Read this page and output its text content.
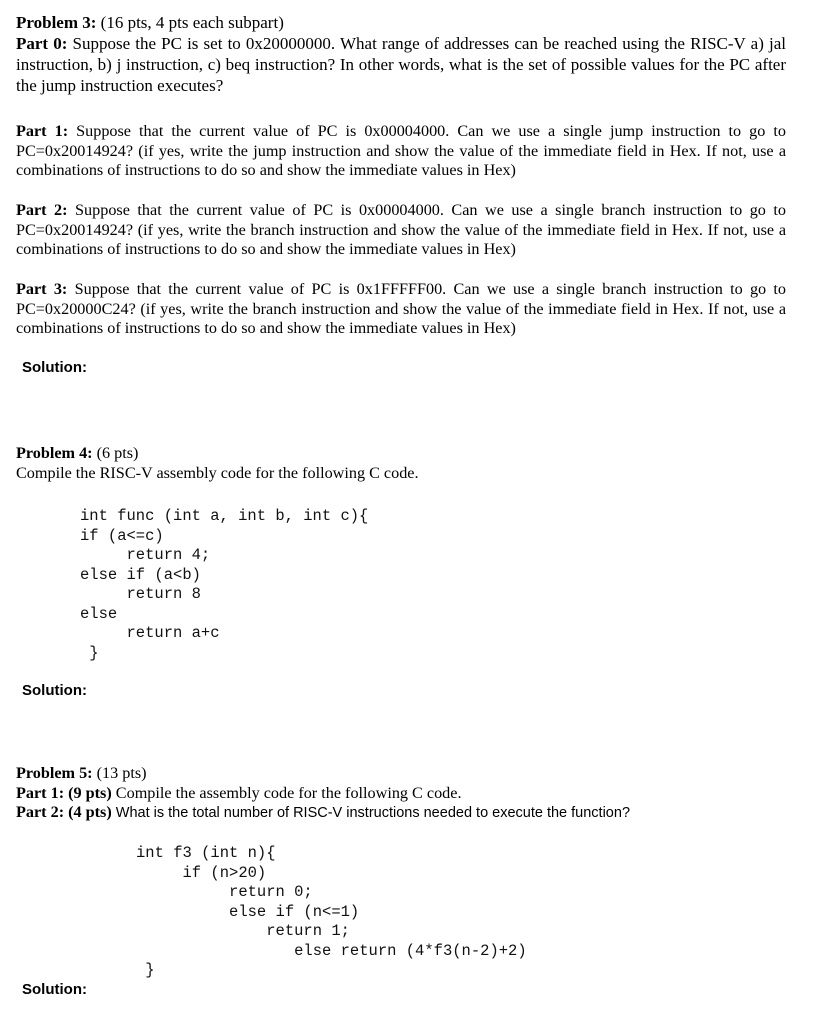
Problem 3: (16 pts, 4 pts each subpart)
Part 0: Suppose the PC is set to 0x20000000. What range of addresses can be reached using the RISC-V a) jal instruction, b) j instruction, c) beq instruction? In other words, what is the set of possible values for the PC after the jump instruction executes?
Part 1: Suppose that the current value of PC is 0x00004000. Can we use a single jump instruction to go to PC=0x20014924? (if yes, write the jump instruction and show the value of the immediate field in Hex. If not, use a combinations of instructions to do so and show the immediate values in Hex)
Part 2: Suppose that the current value of PC is 0x00004000. Can we use a single branch instruction to go to PC=0x20014924? (if yes, write the branch instruction and show the value of the immediate field in Hex. If not, use a combinations of instructions to do so and show the immediate values in Hex)
Part 3: Suppose that the current value of PC is 0x1FFFFF00. Can we use a single branch instruction to go to PC=0x20000C24? (if yes, write the branch instruction and show the value of the immediate field in Hex. If not, use a combinations of instructions to do so and show the immediate values in Hex)
Solution:
Problem 4: (6 pts)
Compile the RISC-V assembly code for the following C code.
int func (int a, int b, int c){
if (a<=c)
return 4;
else if (a<b)
return 8
else
return a+c
}
Solution:
Problem 5: (13 pts)
Part 1: (9 pts) Compile the assembly code for the following C code.
Part 2: (4 pts) What is the total number of RISC-V instructions needed to execute the function?
int f3 (int n){
if (n>20)
return 0;
else if (n<=1)
return 1;
else return (4*f3(n-2)+2)
}
Solution:
